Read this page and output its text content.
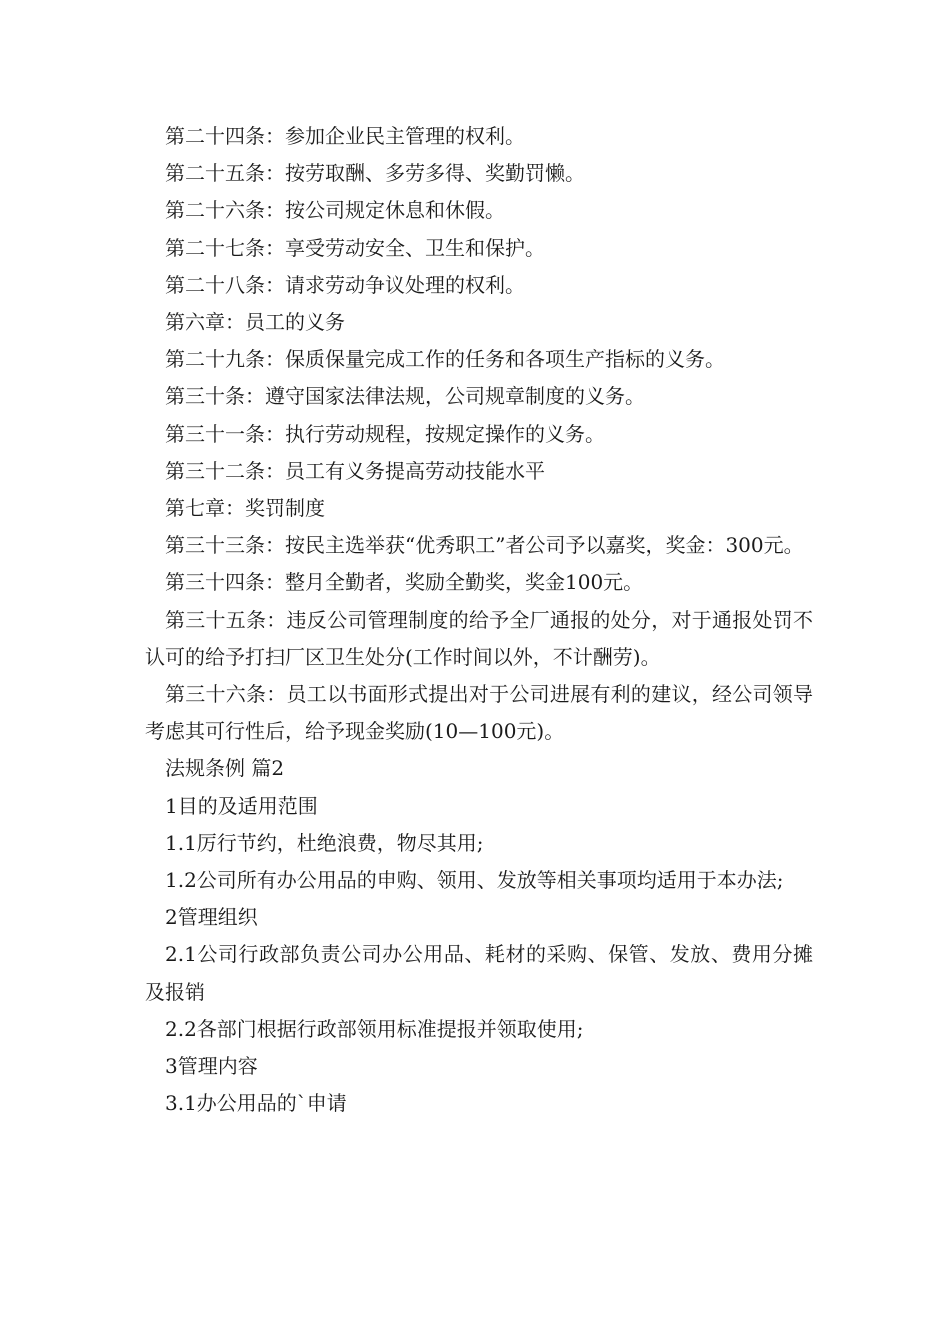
第二十四条：参加企业民主管理的权利。

第二十五条：按劳取酬、多劳多得、奖勤罚懒。

第二十六条：按公司规定休息和休假。

第二十七条：享受劳动安全、卫生和保护。

第二十八条：请求劳动争议处理的权利。

第六章：员工的义务

第二十九条：保质保量完成工作的任务和各项生产指标的义务。

第三十条：遵守国家法律法规，公司规章制度的义务。

第三十一条：执行劳动规程，按规定操作的义务。

第三十二条：员工有义务提高劳动技能水平

第七章：奖罚制度

第三十三条：按民主选举获“优秀职工”者公司予以嘉奖，奖金：300元。

第三十四条：整月全勤者，奖励全勤奖，奖金100元。

第三十五条：违反公司管理制度的给予全厂通报的处分，对于通报处罚不认可的给予打扫厂区卫生处分(工作时间以外，不计酬劳)。

第三十六条：员工以书面形式提出对于公司进展有利的建议，经公司领导考虑其可行性后，给予现金奖励(10—100元)。

法规条例 篇2

1目的及适用范围

1.1厉行节约，杜绝浪费，物尽其用;

1.2公司所有办公用品的申购、领用、发放等相关事项均适用于本办法;

2管理组织

2.1公司行政部负责公司办公用品、耗材的采购、保管、发放、费用分摊及报销

2.2各部门根据行政部领用标准提报并领取使用;

3管理内容

3.1办公用品的`申请
